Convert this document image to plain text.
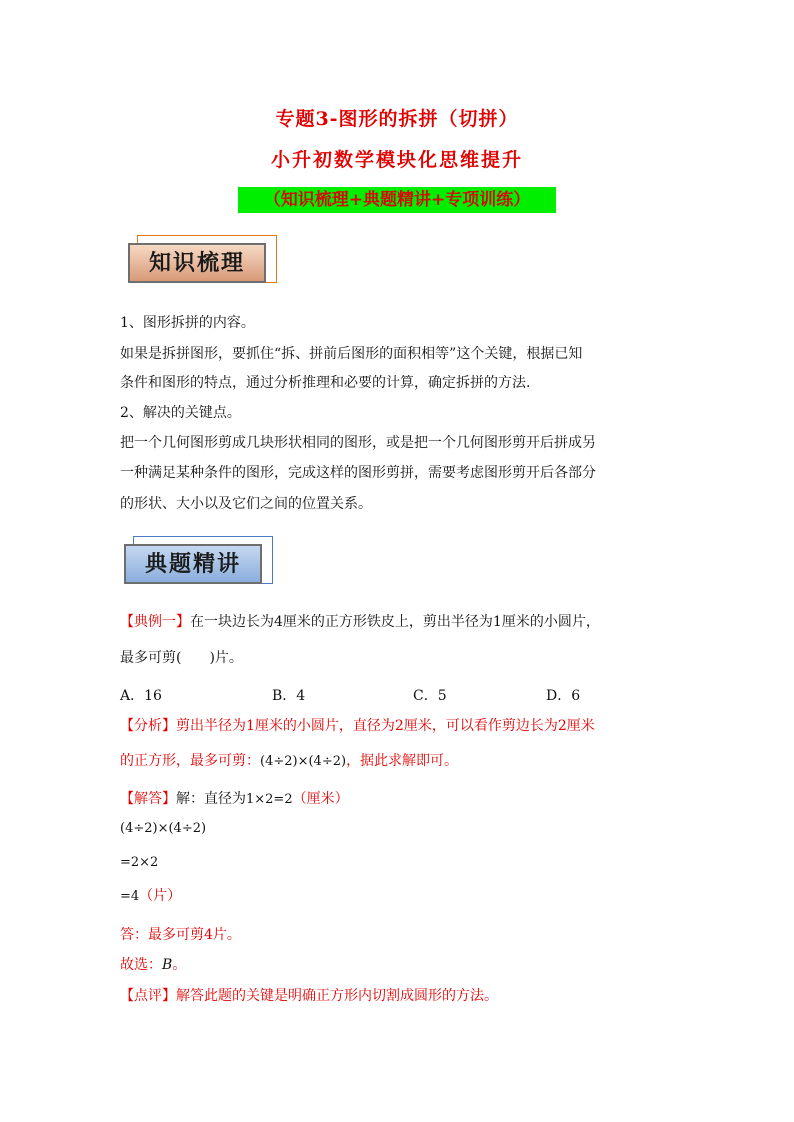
专题3-图形的拆拼（切拼）
小升初数学模块化思维提升
（知识梳理+典题精讲+专项训练）
知识梳理
1、图形拆拼的内容。
如果是拆拼图形，要抓住“拆、拼前后图形的面积相等”这个关键，根据已知
条件和图形的特点，通过分析推理和必要的计算，确定拆拼的方法.
2、解决的关键点。
把一个几何图形剪成几块形状相同的图形，或是把一个几何图形剪开后拼成另
一种满足某种条件的图形，完成这样的图形剪拼，需要考虑图形剪开后各部分
的形状、大小以及它们之间的位置关系。
典题精讲
【典例一】在一块边长为4厘米的正方形铁皮上，剪出半径为1厘米的小圆片，
最多可剪(　　)片。
A．16	B．4	C．5	D．6
【分析】剪出半径为1厘米的小圆片，直径为2厘米，可以看作剪边长为2厘米
的正方形，最多可剪：(4÷2)×(4÷2)，据此求解即可。
【解答】解：直径为1×2=2（厘米）
(4÷2)×(4÷2)
=2×2
=4（片）
答：最多可剪4片。
故选：B。
【点评】解答此题的关键是明确正方形内切割成圆形的方法。
